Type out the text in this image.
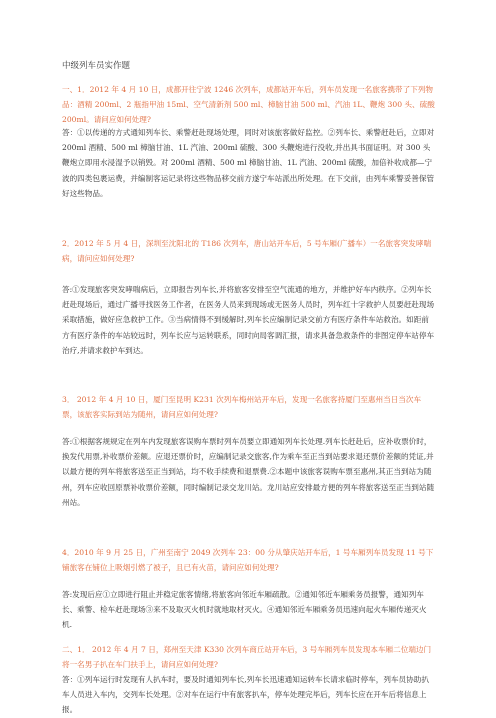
中级列车员实作题
一、1．2012 年 4 月 10 日，成都开往宁波 1246 次列车，成都站开车后，列车员发现一名旅客携带了下列物品：酒精 200ml、2 瓶指甲油 15ml、空气清新剂 500 ml、樟脑甘油 500 ml、汽油 1L、鞭炮 300 头、硫酸 200ml。请问应如何处理?
答：①以传递的方式通知列车长、乘警赶赴现场处理，同时对该旅客做好监控。②列车长、乘警赶赴后，立即对 200ml 酒精、500 ml 樟脑甘油、1L 汽油、200ml 硫酸、300 头鞭炮进行没收,并出具书面证明。对 300 头鞭炮立即用水浸湿予以销毁。对 200ml 酒精、500 ml 樟脑甘油、1L 汽油、200ml 硫酸，加倍补收成都—宁波的四类包裹运费，并编制客运记录将这些物品移交前方遂宁车站派出所处理。在下交前，由列车乘警妥善保管好这些物品。
2．2012 年 5 月 4 日，深圳至沈阳北的 T186 次列车，唐山站开车后，5 号车厢(广播车）一名旅客突发哮喘病，请问应如何处理?
答:①发现旅客突发哮喘病后，立即报告列车长,并将旅客安排至空气流通的地方，并维护好车内秩序。②列车长赶赴现场后，通过广播寻找医务工作者，在医务人员来到现场或无医务人员时，列车红十字救护人员要赶赴现场采取措施，做好应急救护工作。③当病情得不到缓解时,列车长应编制记录交前方有医疗条件车站救治。如距前方有医疗条件的车站较远时，列车长应与运转联系，同时向局客调汇报，请求具备急救条件的非图定停车站停车治疗,并请求救护车到达。
3． 2012 年 4 月 10 日，厦门至昆明 K231 次列车梅州站开车后，发现一名旅客持厦门至惠州当日当次车票，该旅客实际到站为随州，请问应如何处理?
答:①根据客规规定在列车内发现旅客误购车票时列车员要立即通知列车长处理.列车长赶赴后，应补收票价时，换发代用票,补收票价差额。应退还票价时，应编制记录交旅客,作为乘车至正当到站要求退还票价差额的凭证,并以最方便的列车将旅客送至正当到站，均不收手续费和退票费.②本题中该旅客误购车票至惠州,其正当到站为随州，列车应收回原票补收票价差额，同时编制记录交龙川站。龙川站应安排最方便的列车将旅客送至正当到站随州站。
4．2010 年 9 月 25 日，广州至南宁 2049 次列车 23：00 分从肇庆站开车后，1 号车厢列车员发现 11 号下铺旅客在铺位上吸烟引燃了被子，且已有火苗，请问应如何处理?
答:发现后应①立即进行阻止并稳定旅客情绪,将旅客向邻近车厢疏散。②通知邻近车厢乘务员报警，通知列车长、乘警、检车赶赴现场③来不及取灭火机时就地取材灭火。④通知邻近车厢乘务员迅速向起火车厢传递灭火机.
二、1． 2012 年 4 月 7 日，郑州至天津 K330 次列车商丘站开车后，3 号车厢列车员发现本车厢二位端边门将一名男子扒在车门扶手上，请问应如何处理?
答：①列车运行时发现有人扒车时，要及时通知列车长,列车长迅速通知运转车长请求临时停车，列车员协助扒车人员进入车内，交列车长处理。②对车在运行中有旅客扒车，停车处理完毕后，列车长应在开车后将信息上报。
